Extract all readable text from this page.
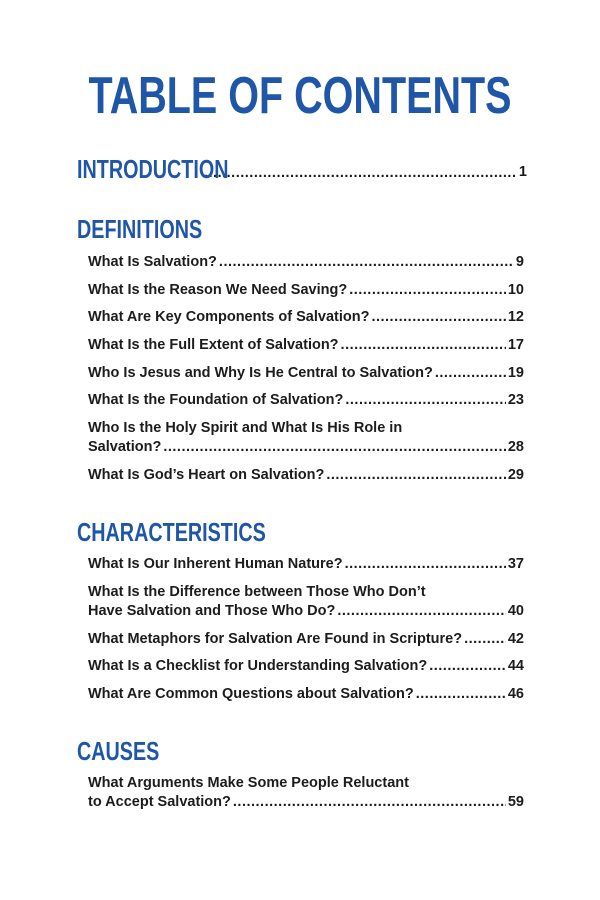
TABLE OF CONTENTS
INTRODUCTION .....	1
DEFINITIONS
What Is Salvation? .....	9
What Is the Reason We Need Saving? .....	10
What Are Key Components of Salvation? .....	12
What Is the Full Extent of Salvation? .....	17
Who Is Jesus and Why Is He Central to Salvation? .....	19
What Is the Foundation of Salvation? .....	23
Who Is the Holy Spirit and What Is His Role in
Salvation? .....	28
What Is God’s Heart on Salvation? .....	29
CHARACTERISTICS
What Is Our Inherent Human Nature? .....	37
What Is the Difference between Those Who Don’t
Have Salvation and Those Who Do? .....	40
What Metaphors for Salvation Are Found in Scripture? .....	42
What Is a Checklist for Understanding Salvation? .....	44
What Are Common Questions about Salvation? .....	46
CAUSES
What Arguments Make Some People Reluctant
to Accept Salvation? .....	59
